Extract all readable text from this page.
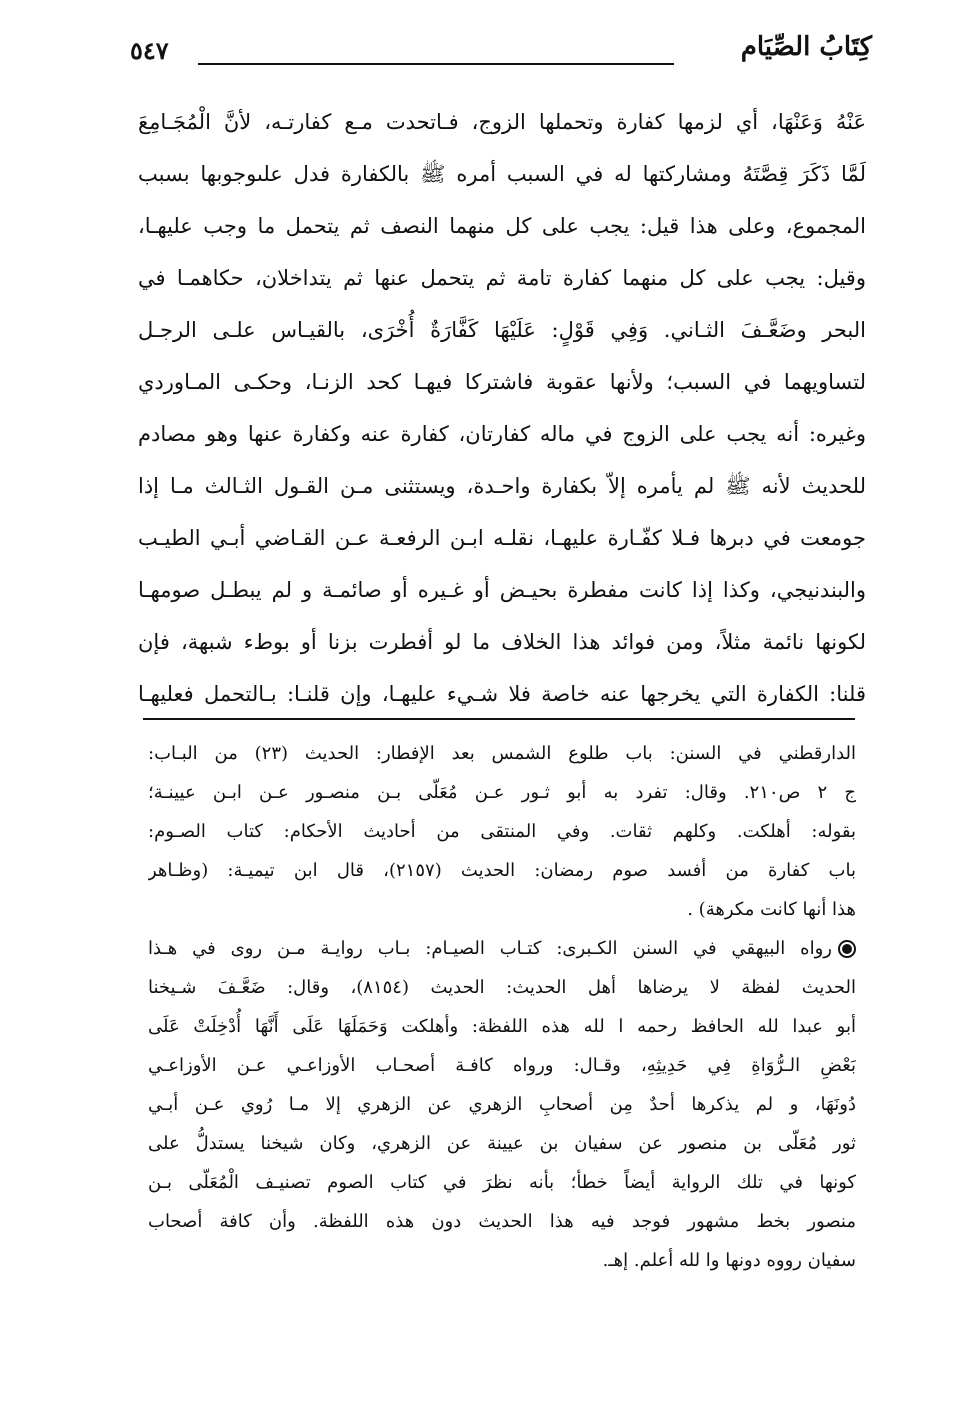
٥٤٧	كِتَابُ الصِّيَام
عَنْهُ وَعَنْهَا، أي لزمها كفارة وتحملها الزوج، فـاتحدت مـع كفارتـه، لأنَّ الْمُجَـامِعَ
لَمَّا ذَكَرَ قِصَّتَهُ ومشاركتها له في السبب أمره ﷺ بالكفارة فدل علىوجوبها بسبب
المجموع، وعلى هذا قيل: يجب على كل منهما النصف ثم يتحمل ما وجب عليهـا،
وقيل: يجب على كل منهما كفارة تامة ثم يتحمل عنها ثم يتداخلان، حكاهمـا في
البحر وضَعَّـفَ الثـاني. وَفِي قَوْلٍ: عَلَيْهَا كَفَّارَةٌ أُخْرَى، بالقيـاس علـى الرجـل
لتساويهما في السبب؛ ولأنها عقوبة فاشتركا فيهـا كحد الزنـا، وحكـى المـاوردي
وغيره: أنه يجب على الزوج في ماله كفارتان، كفارة عنه وكفارة عنها وهو مصادم
للحديث لأنه ﷺ لم يأمره إلاّ بكفارة واحـدة، ويستثنى مـن القـول الثـالث مـا إذا
جومعت في دبرها فـلا كفّـارة عليهـا، نقلـه ابـن الرفعـة عـن القـاضي أبـي الطيـب
والبندنيجي، وكذا إذا كانت مفطرة بحيـض أو غـيره أو صائمـة و لم يبطـل صومهـا
لكونها نائمة مثلاً، ومن فوائد هذا الخلاف ما لو أفطرت بزنا أو بوطء شبهة، فإن
قلنا: الكفارة التي يخرجها عنه خاصة فلا شـيء عليهـا، وإن قلنـا: بـالتحمل فعليهـا
الدارقطني في السنن: باب طلوع الشمس بعد الإفطار: الحديث (٢٣) من البـاب:
ج ٢ ص٢١٠. وقال: تفرد به أبو ثـور عـن مُعَلّى بـن منصـور عـن ابـن عيينـة؛
بقوله: أهلكت. وكلهم ثقات. وفي المنتقى من أحاديث الأحكام: كتاب الصـوم:
باب كفارة من أفسد صوم رمضان: الحديث (٢١٥٧)، قال ابن تيميـة: (وظـاهر
هذا أنها كانت مكرهة) .
رواه البيهقي في السنن الكـبرى: كتـاب الصيـام: بـاب روايـة مـن روى في هـذا
الحديث لفظة لا يرضاها أهل الحديث: الحديث (٨١٥٤)، وقال: ضَعَّـفَ شـيخنا
أبو عبدا لله الحافظ رحمه ا لله هذه اللفظة: وأهلكت وَحَمَلَهَا عَلَى أَنَّهَا أُدْخِلَتْ عَلَى
بَعْضِ الـرُّوَاةِ فِي حَدِيثِهِ، وقـال: ورواه كافـة أصحـاب الأوزاعـي عـن الأوزاعـي
دُونَهَا، و لم يذكرها أحدٌ مِن أصحابِ الزهري عن الزهري إلا مـا رُوي عـن أبـي
ثور مُعَلّى بن منصور عن سفيان بن عيينة عن الزهري، وكان شيخنا يستدلُّ على
كونها في تلك الرواية أيضاً خطأ؛ بأنه نظرَ في كتاب الصوم تصنيـف الْمُعَلّى بـن
منصور بخط مشهور فوجد فيه هذا الحديث دون هذه اللفظة. وأن كافة أصحاب
سفيان رووه دونها وا لله أعلم. إهـ.
